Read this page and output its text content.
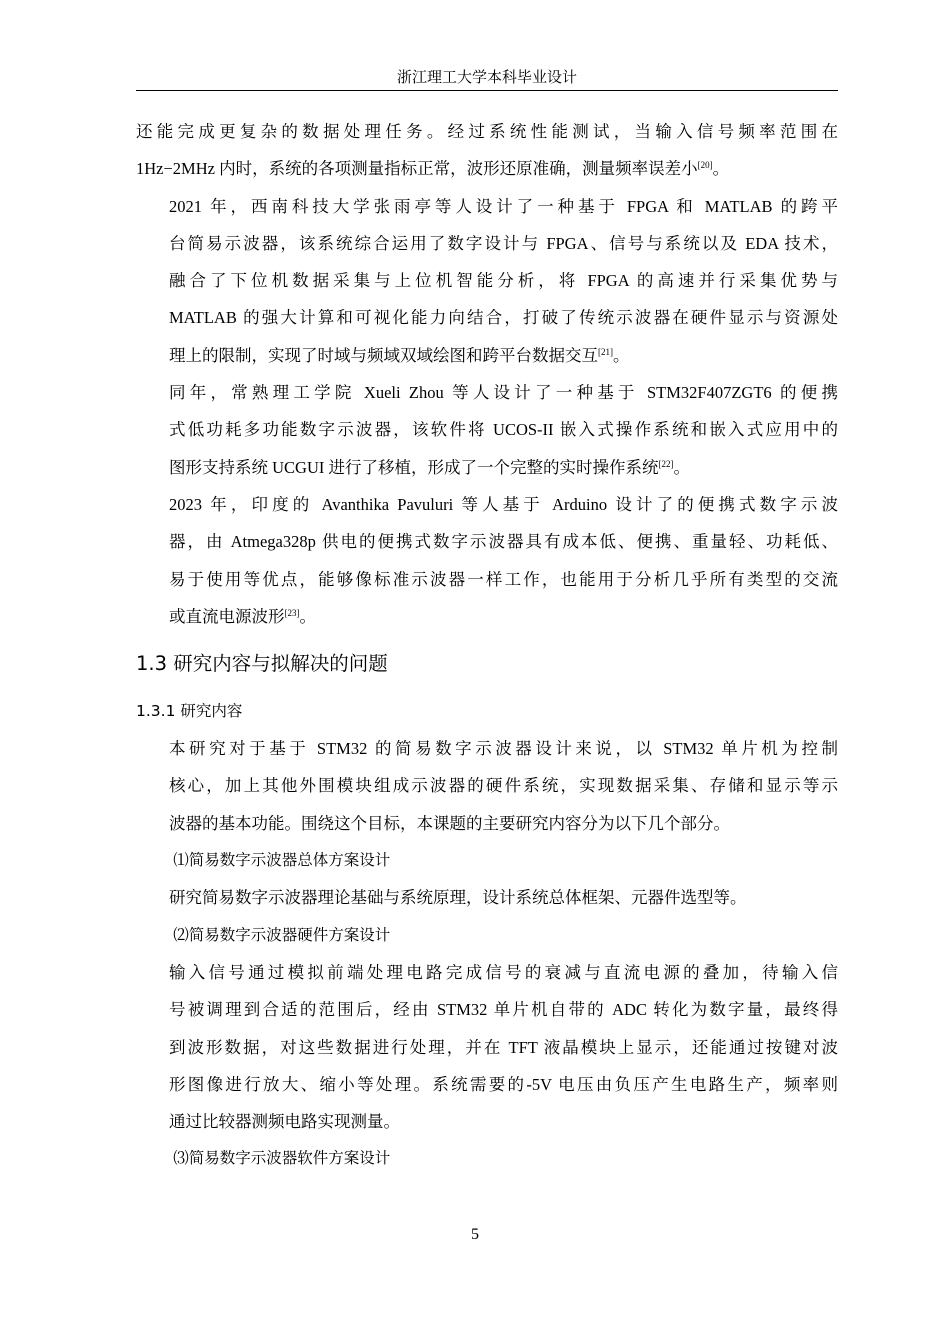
浙江理工大学本科毕业设计

还能完成更复杂的数据处理任务。经过系统性能测试，当输入信号频率范围在
1Hz−2MHz 内时，系统的各项测量指标正常，波形还原准确，测量频率误差小[20]。

2021 年，西南科技大学张雨亭等人设计了一种基于 FPGA 和 MATLAB 的跨平
台简易示波器，该系统综合运用了数字设计与 FPGA、信号与系统以及 EDA 技术，
融合了下位机数据采集与上位机智能分析，将 FPGA 的高速并行采集优势与
MATLAB 的强大计算和可视化能力向结合，打破了传统示波器在硬件显示与资源处
理上的限制，实现了时域与频域双域绘图和跨平台数据交互[21]。

同年，常熟理工学院 Xueli Zhou 等人设计了一种基于 STM32F407ZGT6 的便携
式低功耗多功能数字示波器，该软件将 UCOS-II 嵌入式操作系统和嵌入式应用中的
图形支持系统 UCGUI 进行了移植，形成了一个完整的实时操作系统[22]。

2023 年，印度的 Avanthika Pavuluri 等人基于 Arduino 设计了的便携式数字示波
器，由 Atmega328p 供电的便携式数字示波器具有成本低、便携、重量轻、功耗低、
易于使用等优点，能够像标准示波器一样工作，也能用于分析几乎所有类型的交流
或直流电源波形[23]。

1.3 研究内容与拟解决的问题
1.3.1 研究内容

本研究对于基于 STM32 的简易数字示波器设计来说，以 STM32 单片机为控制
核心，加上其他外围模块组成示波器的硬件系统，实现数据采集、存储和显示等示
波器的基本功能。围绕这个目标，本课题的主要研究内容分为以下几个部分。

⑴简易数字示波器总体方案设计

研究简易数字示波器理论基础与系统原理，设计系统总体框架、元器件选型等。

⑵简易数字示波器硬件方案设计

输入信号通过模拟前端处理电路完成信号的衰减与直流电源的叠加，待输入信
号被调理到合适的范围后，经由 STM32 单片机自带的 ADC 转化为数字量，最终得
到波形数据，对这些数据进行处理，并在 TFT 液晶模块上显示，还能通过按键对波
形图像进行放大、缩小等处理。系统需要的-5V 电压由负压产生电路生产，频率则
通过比较器测频电路实现测量。

⑶简易数字示波器软件方案设计

5
